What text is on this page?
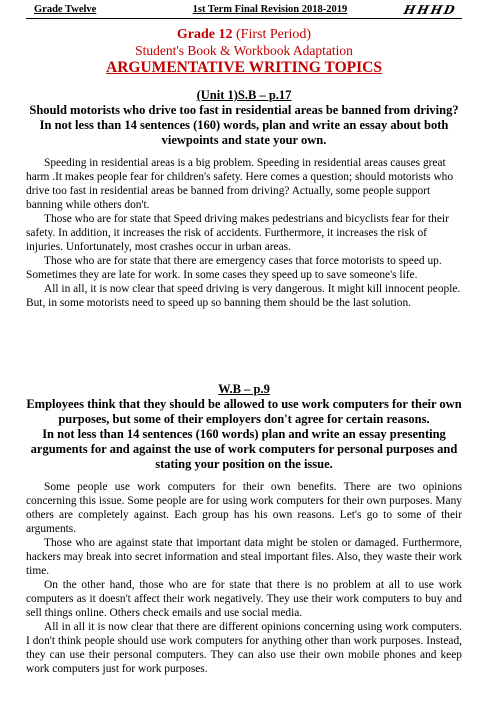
Grade Twelve	1st Term Final Revision 2018-2019	HHHD
Grade 12 (First Period)
Student's Book & Workbook Adaptation
ARGUMENTATIVE WRITING TOPICS
(Unit 1)S.B – p.17
Should motorists who drive too fast in residential areas be banned from driving?
In not less than 14 sentences (160) words, plan and write an essay about both viewpoints and state your own.

Speeding in residential areas is a big problem. Speeding in residential areas causes great harm .It makes people fear for children's safety. Here comes a question; should motorists who drive too fast in residential areas be banned from driving? Actually, some people support banning while others don't.

Those who are for state that Speed driving makes pedestrians and bicyclists fear for their safety. In addition, it increases the risk of accidents. Furthermore, it increases the risk of injuries. Unfortunately, most crashes occur in urban areas.

Those who are for state that there are emergency cases that force motorists to speed up. Sometimes they are late for work. In some cases they speed up to save someone's life.

All in all, it is now clear that speed driving is very dangerous. It might kill innocent people. But, in some motorists need to speed up so banning them should be the last solution.

W.B – p.9
Employees think that they should be allowed to use work computers for their own purposes, but some of their employers don't agree for certain reasons.
In not less than 14 sentences (160 words) plan and write an essay presenting arguments for and against the use of work computers for personal purposes and stating your position on the issue.

Some people use work computers for their own benefits. There are two opinions concerning this issue. Some people are for using work computers for their own purposes. Many others are completely against. Each group has his own reasons. Let's go to some of their arguments.

Those who are against state that important data might be stolen or damaged. Furthermore, hackers may break into secret information and steal important files. Also, they waste their work time.

On the other hand, those who are for state that there is no problem at all to use work computers as it doesn't affect their work negatively. They use their work computers to buy and sell things online. Others check emails and use social media.

All in all it is now clear that there are different opinions concerning using work computers. I don't think people should use work computers for anything other than work purposes. Instead, they can use their personal computers. They can also use their own mobile phones and keep work computers just for work purposes.
